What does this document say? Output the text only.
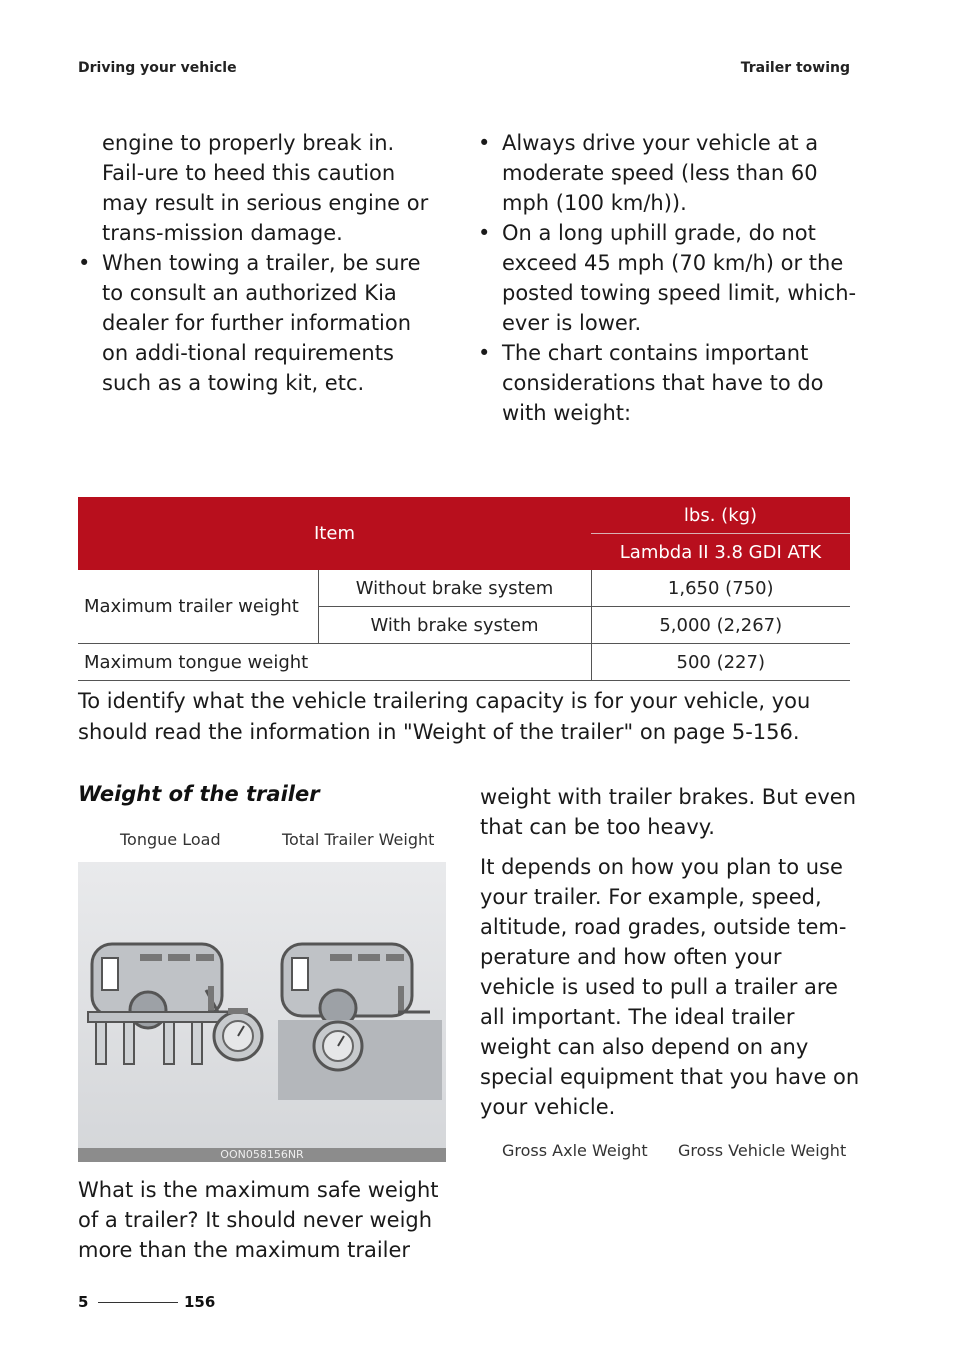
Driving your vehicle	Trailer towing

engine to properly break in. Fail-ure to heed this caution may result in serious engine or trans-mission damage.

• When towing a trailer, be sure to consult an authorized Kia dealer for further information on addi-tional requirements such as a towing kit, etc.

• Always drive your vehicle at a moderate speed (less than 60 mph (100 km/h)).

• On a long uphill grade, do not exceed 45 mph (70 km/h) or the posted towing speed limit, which-ever is lower.

• The chart contains important considerations that have to do with weight:

Item		lbs. (kg)
		Lambda II 3.8 GDI ATK
Maximum trailer weight	Without brake system	1,650 (750)
	With brake system	5,000 (2,267)
Maximum tongue weight		500 (227)
To identify what the vehicle trailering capacity is for your vehicle, you should read the information in "Weight of the trailer" on page 5-156.
Weight of the trailer
Tongue Load	Total Trailer Weight
OON058156NR

What is the maximum safe weight of a trailer? It should never weigh more than the maximum trailer

weight with trailer brakes. But even that can be too heavy.

It depends on how you plan to use your trailer. For example, speed, altitude, road grades, outside tem-perature and how often your vehicle is used to pull a trailer are all important. The ideal trailer weight can also depend on any special equipment that you have on your vehicle.

Gross Axle Weight Gross Vehicle Weight
5	156
